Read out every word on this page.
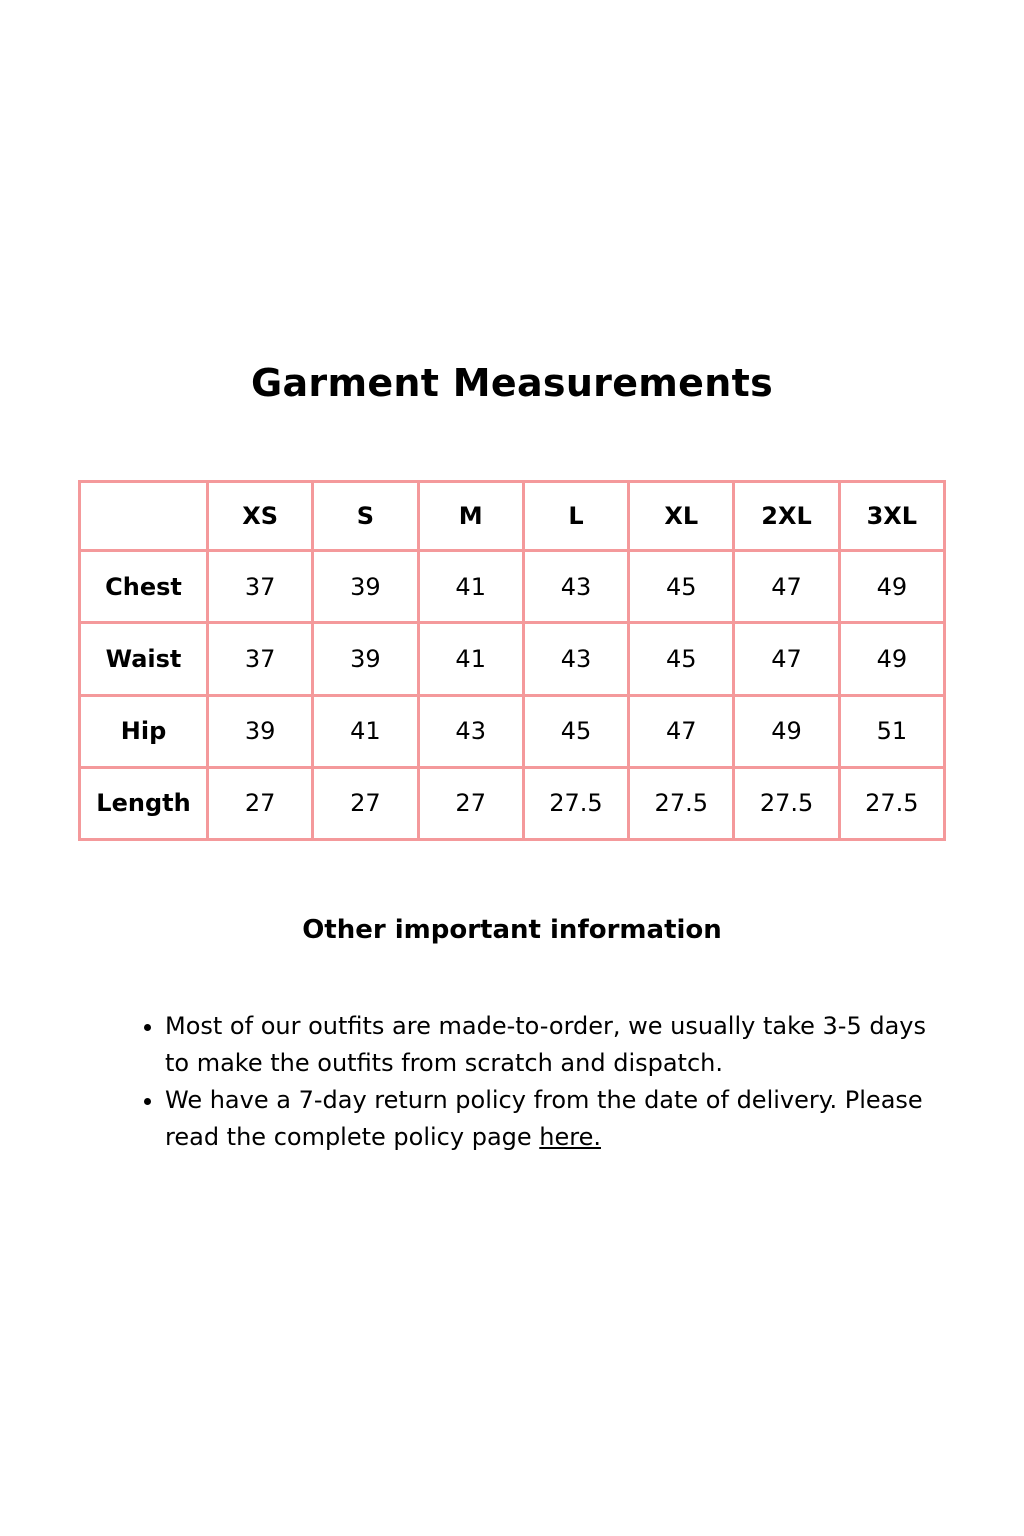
Garment Measurements
	XS	S	M	L	XL	2XL	3XL
Chest	37	39	41	43	45	47	49
Waist	37	39	41	43	45	47	49
Hip	39	41	43	45	47	49	51
Length	27	27	27	27.5	27.5	27.5	27.5
Other important information
• Most of our outfits are made-to-order, we usually take 3-5 days to make the outfits from scratch and dispatch.
• We have a 7-day return policy from the date of delivery. Please read the complete policy page here.
